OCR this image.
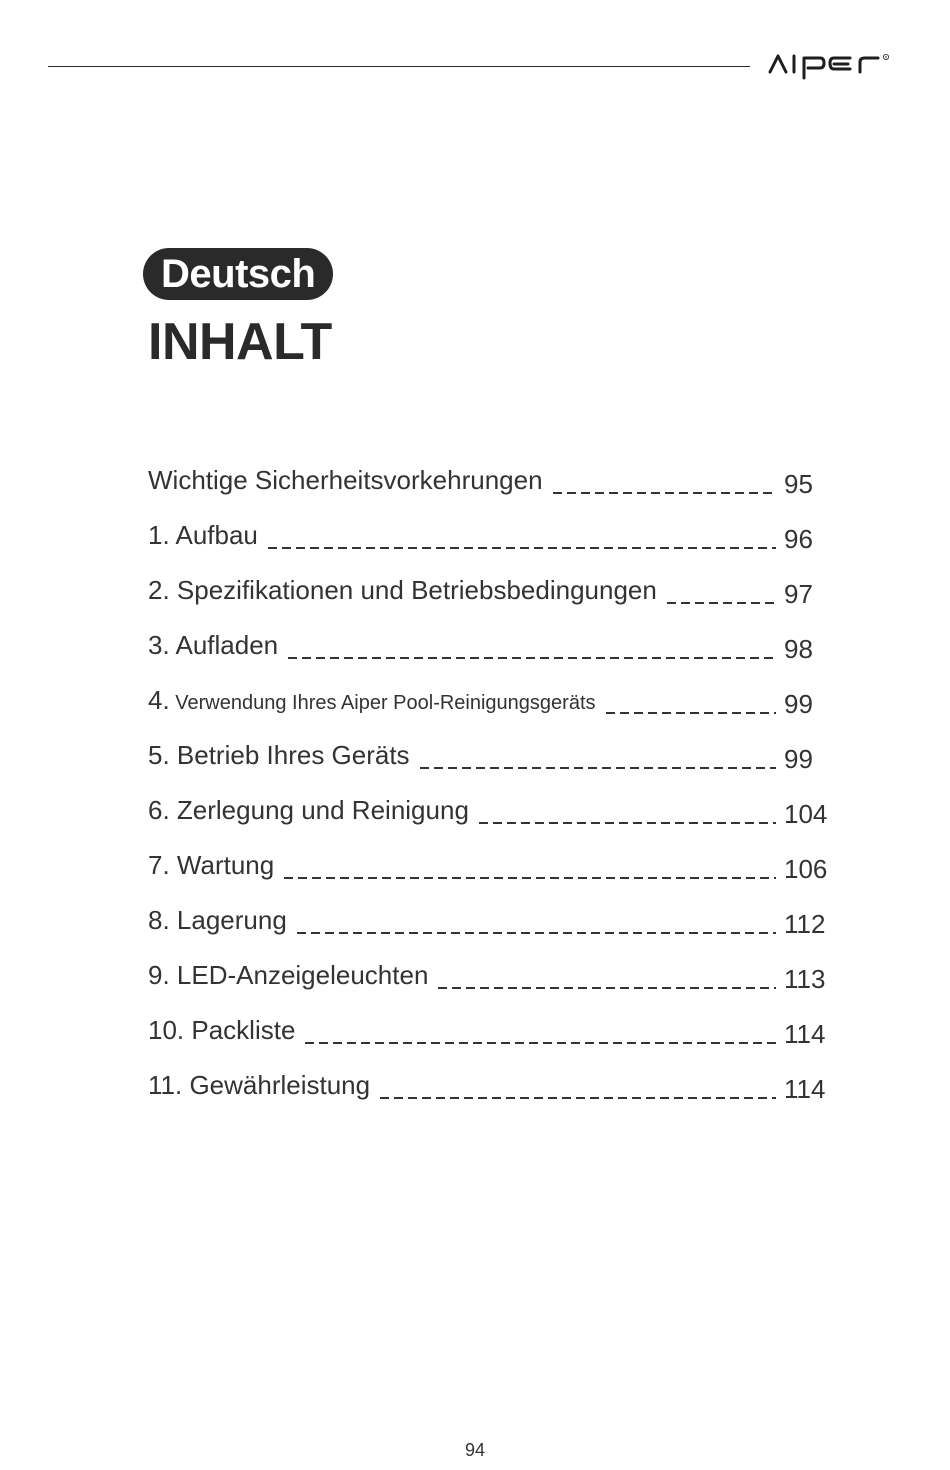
R
Deutsch
INHALT
Wichtige Sicherheitsvorkehrungen	95
1. Aufbau	96
2. Spezifikationen und Betriebsbedingungen	97
3. Aufladen	98
4. Verwendung Ihres Aiper Pool-Reinigungsgeräts	99
5. Betrieb Ihres Geräts	99
6. Zerlegung und Reinigung	104
7. Wartung	106
8. Lagerung	112
9. LED-Anzeigeleuchten	113
10. Packliste	114
11. Gewährleistung	114
94
